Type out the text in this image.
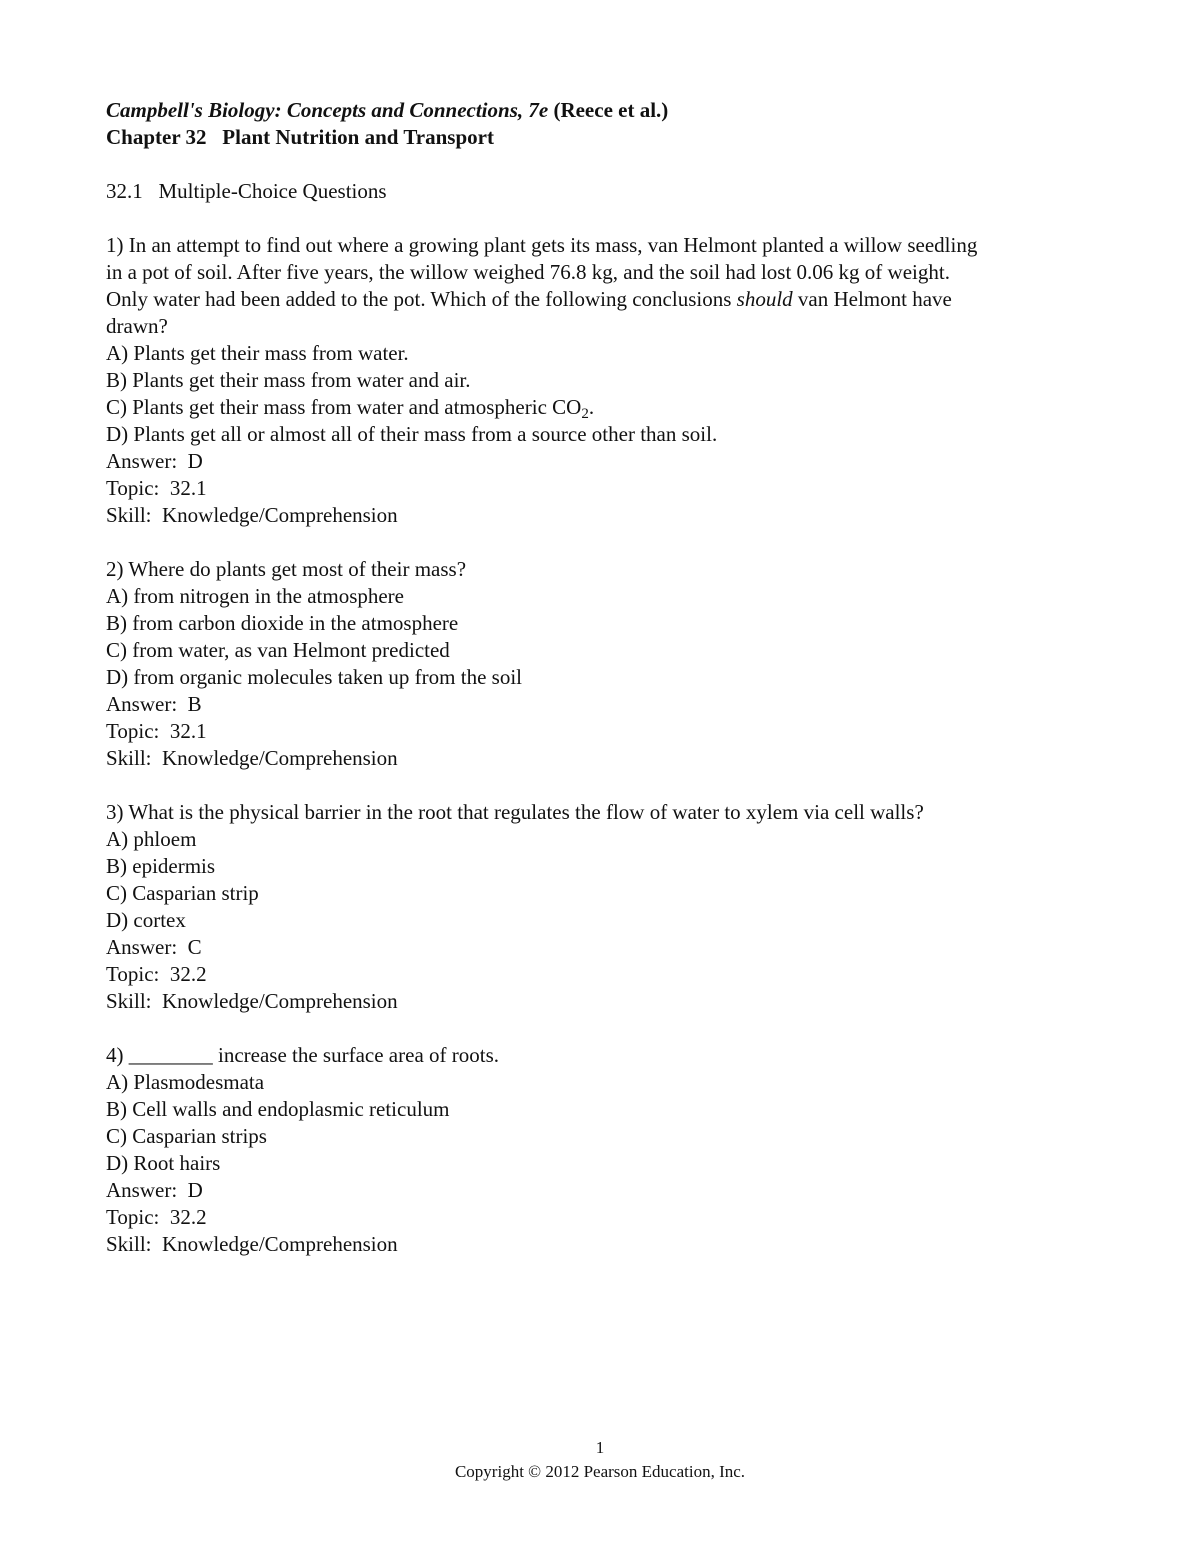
Campbell's Biology: Concepts and Connections, 7e (Reece et al.)
Chapter 32   Plant Nutrition and Transport
32.1   Multiple-Choice Questions
1) In an attempt to find out where a growing plant gets its mass, van Helmont planted a willow seedling
in a pot of soil. After five years, the willow weighed 76.8 kg, and the soil had lost 0.06 kg of weight.
Only water had been added to the pot. Which of the following conclusions should van Helmont have
drawn?
A) Plants get their mass from water.
B) Plants get their mass from water and air.
C) Plants get their mass from water and atmospheric $CO_2$.
D) Plants get all or almost all of their mass from a source other than soil.
Answer:  D
Topic:  32.1
Skill:  Knowledge/Comprehension
2) Where do plants get most of their mass?
A) from nitrogen in the atmosphere
B) from carbon dioxide in the atmosphere
C) from water, as van Helmont predicted
D) from organic molecules taken up from the soil
Answer:  B
Topic:  32.1
Skill:  Knowledge/Comprehension
3) What is the physical barrier in the root that regulates the flow of water to xylem via cell walls?
A) phloem
B) epidermis
C) Casparian strip
D) cortex
Answer:  C
Topic:  32.2
Skill:  Knowledge/Comprehension
4) ________ increase the surface area of roots.
A) Plasmodesmata
B) Cell walls and endoplasmic reticulum
C) Casparian strips
D) Root hairs
Answer:  D
Topic:  32.2
Skill:  Knowledge/Comprehension
1
Copyright © 2012 Pearson Education, Inc.
